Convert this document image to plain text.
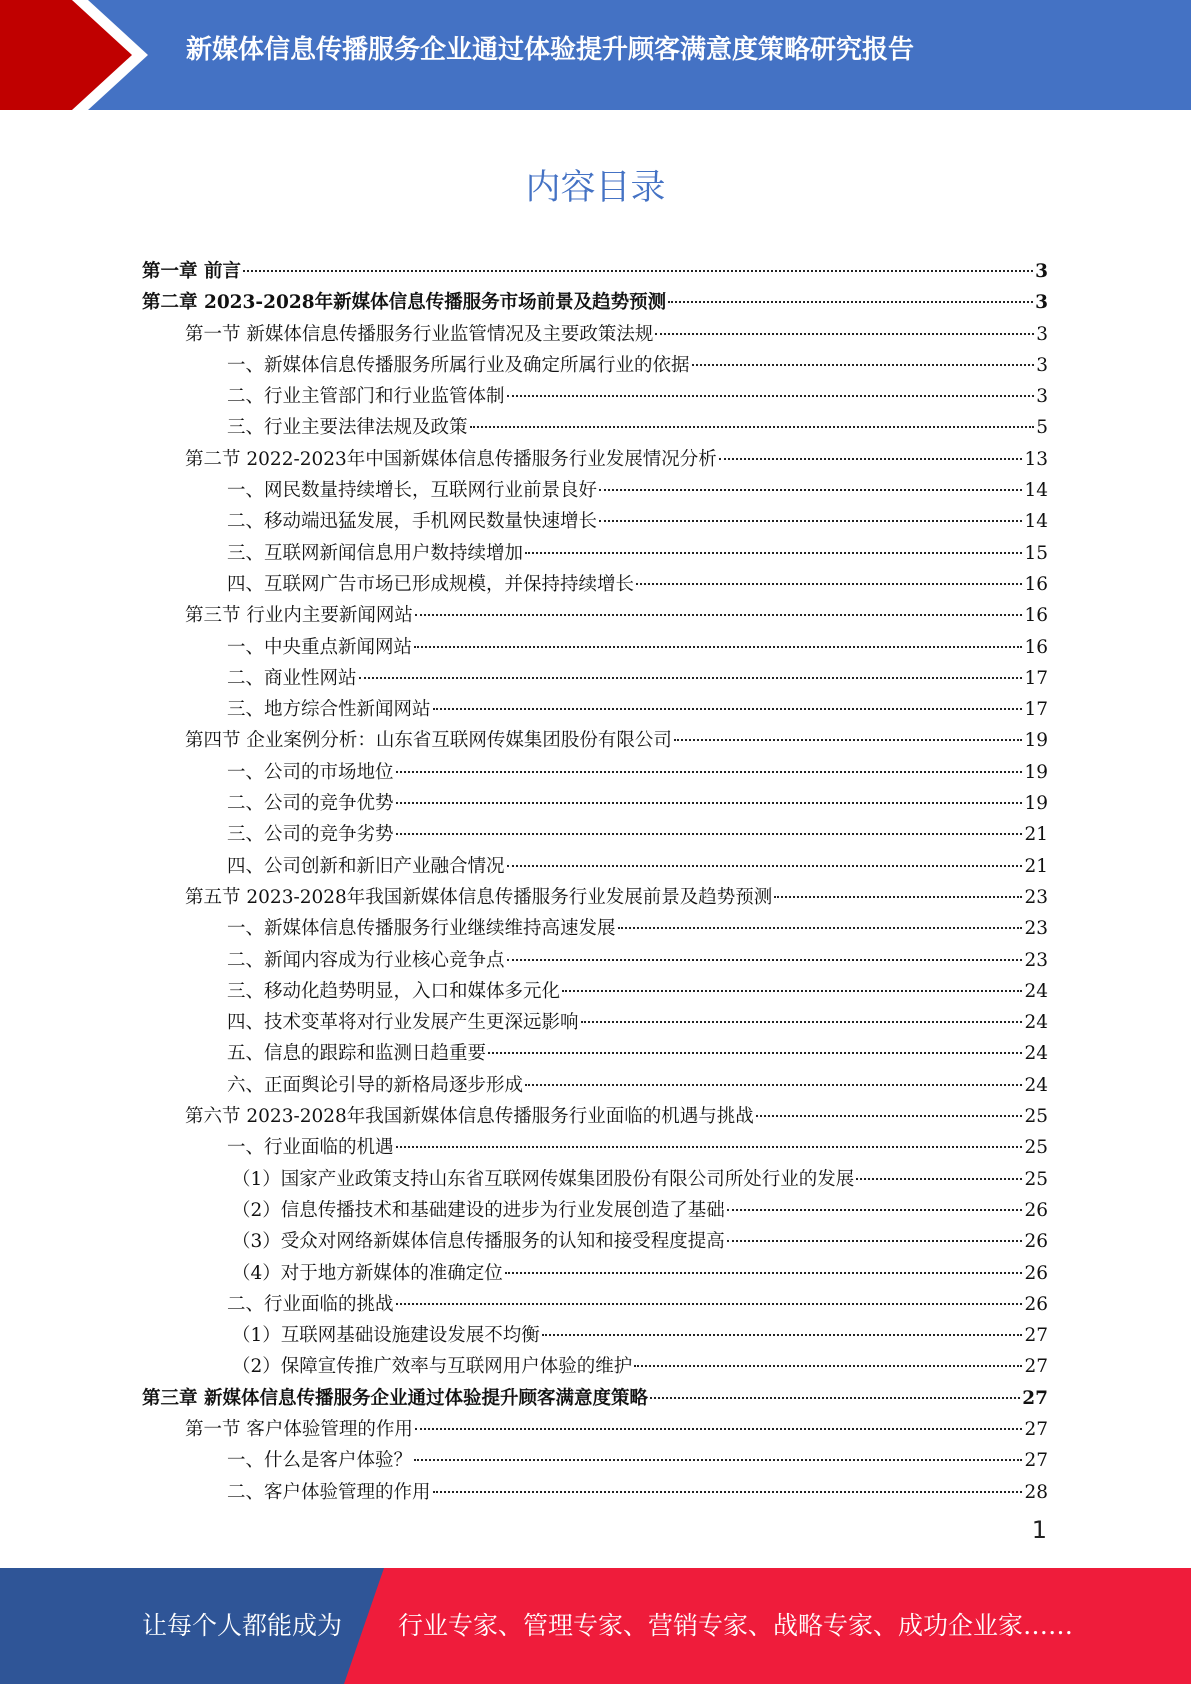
新媒体信息传播服务企业通过体验提升顾客满意度策略研究报告
内容目录
第一章 前言	3
第二章 2023-2028年新媒体信息传播服务市场前景及趋势预测	3
第一节 新媒体信息传播服务行业监管情况及主要政策法规	3
一、新媒体信息传播服务所属行业及确定所属行业的依据	3
二、行业主管部门和行业监管体制	3
三、行业主要法律法规及政策	5
第二节 2022-2023年中国新媒体信息传播服务行业发展情况分析	13
一、网民数量持续增长，互联网行业前景良好	14
二、移动端迅猛发展，手机网民数量快速增长	14
三、互联网新闻信息用户数持续增加	15
四、互联网广告市场已形成规模，并保持持续增长	16
第三节 行业内主要新闻网站	16
一、中央重点新闻网站	16
二、商业性网站	17
三、地方综合性新闻网站	17
第四节 企业案例分析：山东省互联网传媒集团股份有限公司	19
一、公司的市场地位	19
二、公司的竞争优势	19
三、公司的竞争劣势	21
四、公司创新和新旧产业融合情况	21
第五节 2023-2028年我国新媒体信息传播服务行业发展前景及趋势预测	23
一、新媒体信息传播服务行业继续维持高速发展	23
二、新闻内容成为行业核心竞争点	23
三、移动化趋势明显，入口和媒体多元化	24
四、技术变革将对行业发展产生更深远影响	24
五、信息的跟踪和监测日趋重要	24
六、正面舆论引导的新格局逐步形成	24
第六节 2023-2028年我国新媒体信息传播服务行业面临的机遇与挑战	25
一、行业面临的机遇	25
（1）国家产业政策支持山东省互联网传媒集团股份有限公司所处行业的发展	25
（2）信息传播技术和基础建设的进步为行业发展创造了基础	26
（3）受众对网络新媒体信息传播服务的认知和接受程度提高	26
（4）对于地方新媒体的准确定位	26
二、行业面临的挑战	26
（1）互联网基础设施建设发展不均衡	27
（2）保障宣传推广效率与互联网用户体验的维护	27
第三章 新媒体信息传播服务企业通过体验提升顾客满意度策略	27
第一节 客户体验管理的作用	27
一、什么是客户体验？	27
二、客户体验管理的作用	28
1
让每个人都能成为 行业专家、管理专家、营销专家、战略专家、成功企业家……
